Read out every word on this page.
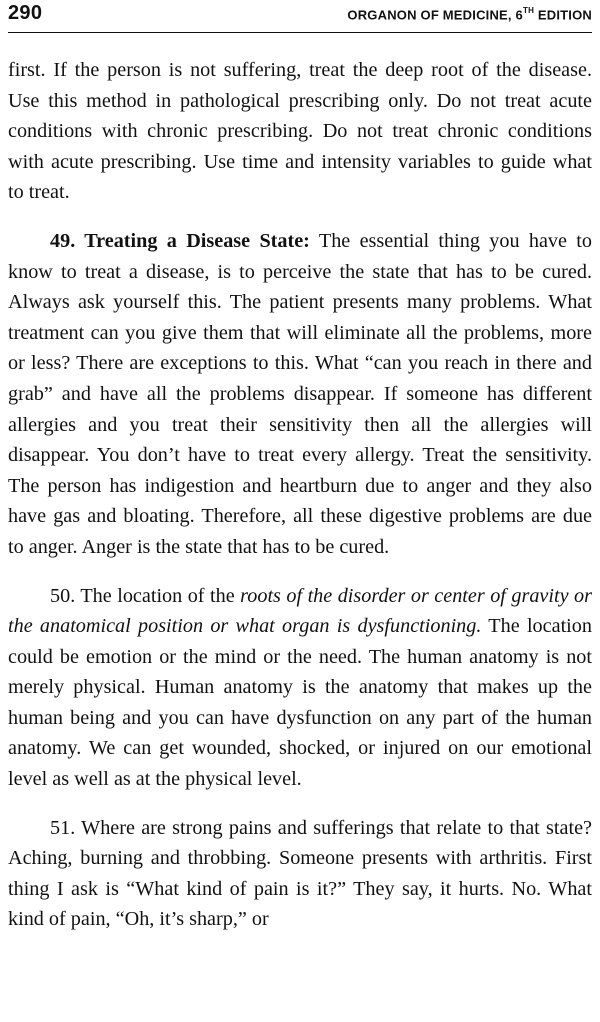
290	ORGANON OF MEDICINE, 6TH EDITION

first. If the person is not suffering, treat the deep root of the disease. Use this method in pathological prescribing only. Do not treat acute conditions with chronic prescribing. Do not treat chronic conditions with acute prescribing. Use time and intensity variables to guide what to treat.

49. Treating a Disease State: The essential thing you have to know to treat a disease, is to perceive the state that has to be cured. Always ask yourself this. The patient presents many problems. What treatment can you give them that will eliminate all the problems, more or less? There are exceptions to this. What “can you reach in there and grab” and have all the problems disappear. If someone has different allergies and you treat their sensitivity then all the allergies will disappear. You don’t have to treat every allergy. Treat the sensitivity. The person has indigestion and heartburn due to anger and they also have gas and bloating. Therefore, all these digestive problems are due to anger. Anger is the state that has to be cured.

50. The location of the roots of the disorder or center of gravity or the anatomical position or what organ is dysfunctioning. The location could be emotion or the mind or the need. The human anatomy is not merely physical. Human anatomy is the anatomy that makes up the human being and you can have dysfunction on any part of the human anatomy. We can get wounded, shocked, or injured on our emotional level as well as at the physical level.

51. Where are strong pains and sufferings that relate to that state? Aching, burning and throbbing. Someone presents with arthritis. First thing I ask is “What kind of pain is it?” They say, it hurts. No. What kind of pain, “Oh, it’s sharp,” or
